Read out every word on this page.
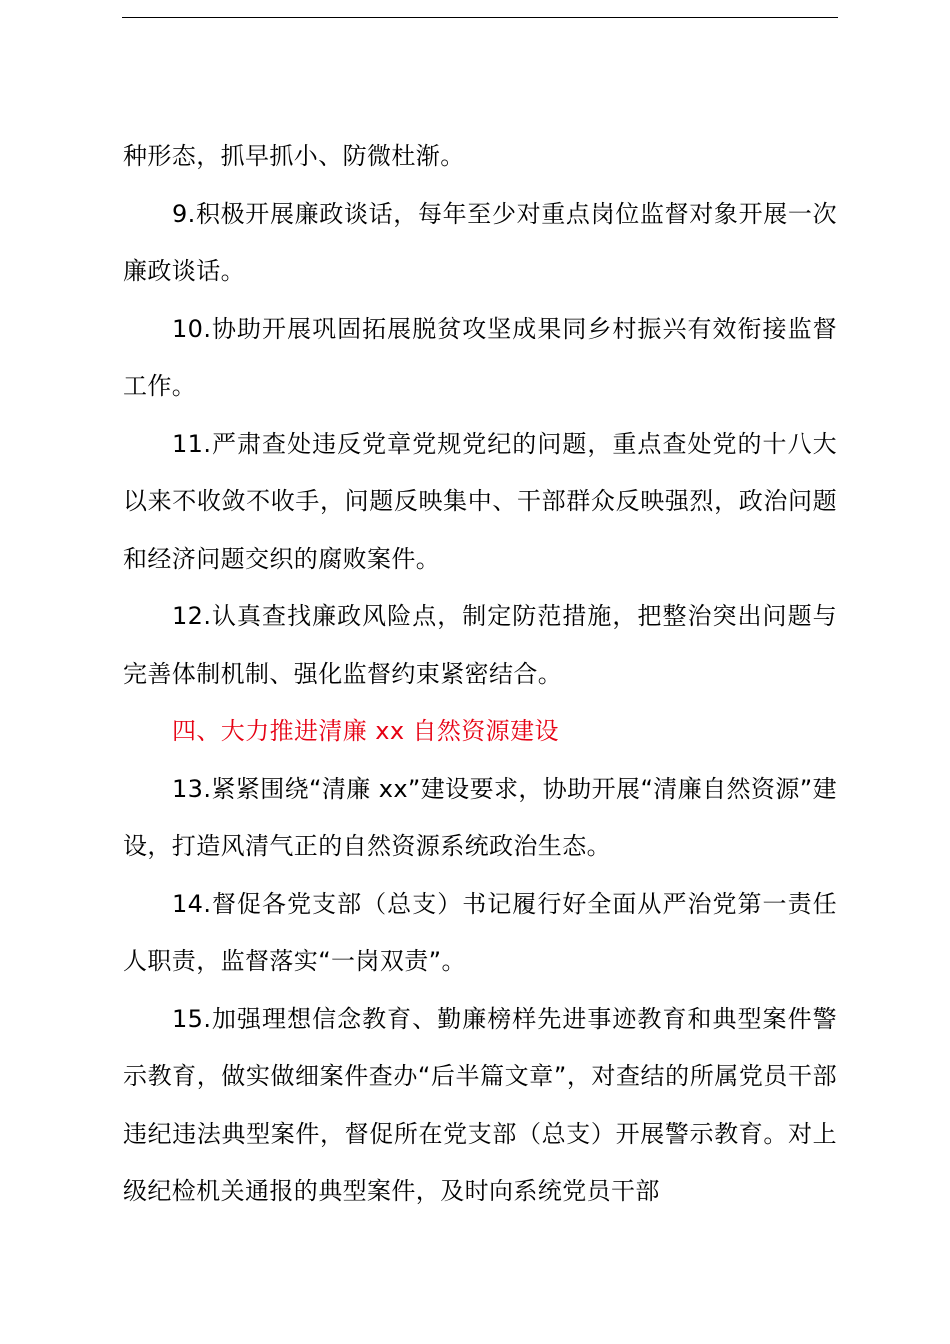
种形态，抓早抓小、防微杜渐。

9.积极开展廉政谈话，每年至少对重点岗位监督对象开展一次廉政谈话。

10.协助开展巩固拓展脱贫攻坚成果同乡村振兴有效衔接监督工作。

11.严肃查处违反党章党规党纪的问题，重点查处党的十八大以来不收敛不收手，问题反映集中、干部群众反映强烈，政治问题和经济问题交织的腐败案件。

12.认真查找廉政风险点，制定防范措施，把整治突出问题与完善体制机制、强化监督约束紧密结合。

四、大力推进清廉 xx 自然资源建设

13.紧紧围绕“清廉 xx”建设要求，协助开展“清廉自然资源”建设，打造风清气正的自然资源系统政治生态。

14.督促各党支部（总支）书记履行好全面从严治党第一责任人职责，监督落实“一岗双责”。

15.加强理想信念教育、勤廉榜样先进事迹教育和典型案件警示教育，做实做细案件查办“后半篇文章”，对查结的所属党员干部违纪违法典型案件，督促所在党支部（总支）开展警示教育。对上级纪检机关通报的典型案件，及时向系统党员干部
